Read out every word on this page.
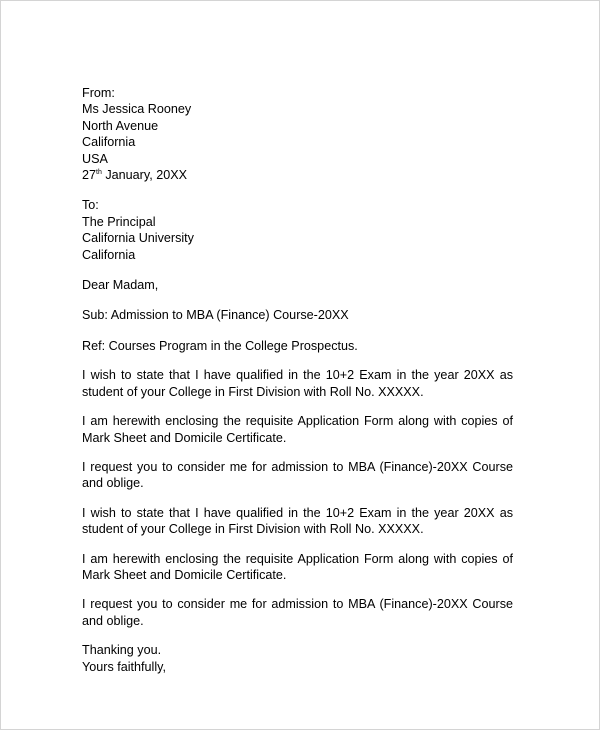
From:
Ms Jessica Rooney
North Avenue
California
USA
27th January, 20XX
To:
The Principal
California University
California
Dear Madam,
Sub: Admission to MBA (Finance) Course-20XX
Ref: Courses Program in the College Prospectus.
I wish to state that I have qualified in the 10+2 Exam in the year 20XX as student of your College in First Division with Roll No. XXXXX.
I am herewith enclosing the requisite Application Form along with copies of Mark Sheet and Domicile Certificate.
I request you to consider me for admission to MBA (Finance)-20XX Course and oblige.
I wish to state that I have qualified in the 10+2 Exam in the year 20XX as student of your College in First Division with Roll No. XXXXX.
I am herewith enclosing the requisite Application Form along with copies of Mark Sheet and Domicile Certificate.
I request you to consider me for admission to MBA (Finance)-20XX Course and oblige.
Thanking you.
Yours faithfully,
